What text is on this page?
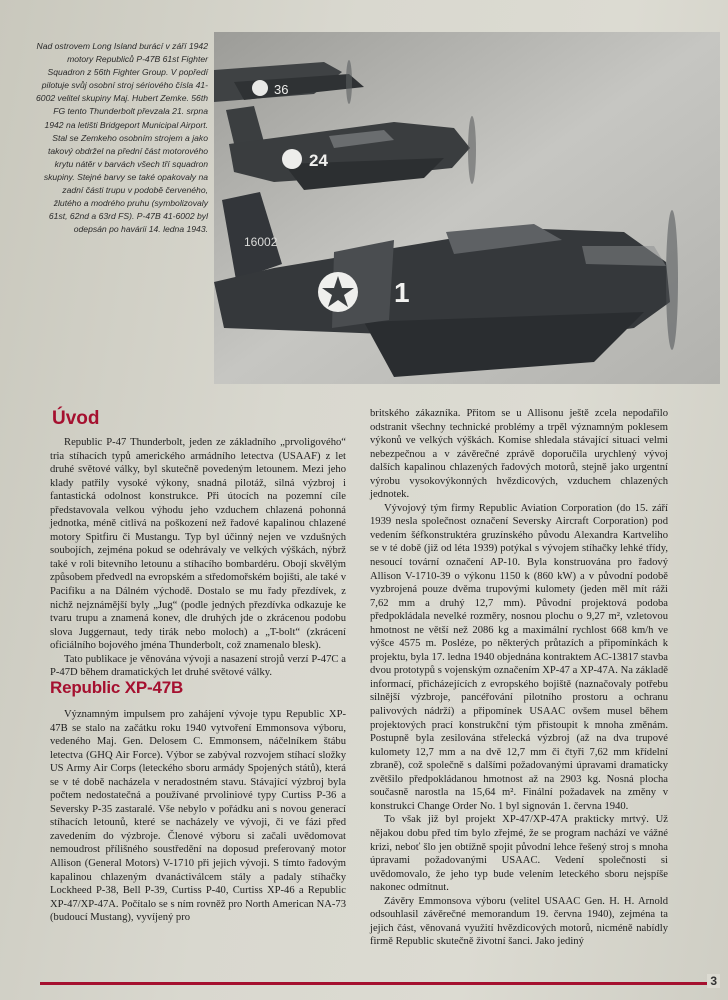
Nad ostrovem Long Island burácí v září 1942 motory Republiců P-47B 61st Fighter Squadron z 56th Fighter Group. V popředí pilotuje svůj osobní stroj sériového čísla 41-6002 velitel skupiny Maj. Hubert Zemke. 56th FG tento Thunderbolt převzala 21. srpna 1942 na letišti Bridgeport Municipal Airport. Stal se Zemkeho osobním strojem a jako takový obdržel na přední část motorového krytu nátěr v barvách všech tří squadron skupiny. Stejné barvy se také opakovaly na zadní části trupu v podobě červeného, žlutého a modrého pruhu (symbolizovaly 61st, 62nd a 63rd FS). P-47B 41-6002 byl odepsán po havárii 14. ledna 1943.
36
24
1
16002
Úvod

Republic P-47 Thunderbolt, jeden ze základního „prvoligového“ tria stíhacích typů amerického armádního letectva (USAAF) z let druhé světové války, byl skutečně povedeným letounem. Mezi jeho klady patřily vysoké výkony, snadná pilotáž, silná výzbroj i fantastická odolnost konstrukce. Při útocích na pozemní cíle představovala velkou výhodu jeho vzduchem chlazená pohonná jednotka, méně citlivá na poškození než řadové kapalinou chlazené motory Spitfiru či Mustangu. Typ byl účinný nejen ve vzdušných soubojích, zejména pokud se odehrávaly ve velkých výškách, nýbrž také v roli bitevního letounu a stíhacího bombardéru. Obojí skvělým způsobem předvedl na evropském a středomořském bojišti, ale také v Pacifiku a na Dálném východě. Dostalo se mu řady přezdívek, z nichž nejznámější byly „Jug“ (podle jedných přezdívka odkazuje ke tvaru trupu a znamená konev, dle druhých jde o zkrácenou podobu slova Juggernaut, tedy tirák nebo moloch) a „T-bolt“ (zkrácení oficiálního bojového jména Thunderbolt, což znamenalo blesk).

Tato publikace je věnována vývoji a nasazení strojů verzí P-47C a P-47D během dramatických let druhé světové války.

Republic XP-47B

Významným impulsem pro zahájení vývoje typu Republic XP-47B se stalo na začátku roku 1940 vytvoření Emmonsova výboru, vedeného Maj. Gen. Delosem C. Emmonsem, náčelníkem štábu letectva (GHQ Air Force). Výbor se zabýval rozvojem stíhací složky US Army Air Corps (leteckého sboru armády Spojených států), která se v té době nacházela v neradostném stavu. Stávající výzbroj byla počtem nedostatečná a používané prvoliniové typy Curtiss P-36 a Seversky P-35 zastaralé. Vše nebylo v pořádku ani s novou generací stíhacích letounů, které se nacházely ve vývoji, či ve fázi před zavedením do výzbroje. Členové výboru si začali uvědomovat nemoudrost přílišného soustředění na doposud preferovaný motor Allison (General Motors) V-1710 při jejich vývoji. S tímto řadovým kapalinou chlazeným dvanáctiválcem stály a padaly stíhačky Lockheed P-38, Bell P-39, Curtiss P-40, Curtiss XP-46 a Republic XP-47/XP-47A. Počítalo se s ním rovněž pro North American NA-73 (budoucí Mustang), vyvíjený pro

britského zákazníka. Přitom se u Allisonu ještě zcela nepodařilo odstranit všechny technické problémy a trpěl významným poklesem výkonů ve velkých výškách. Komise shledala stávající situaci velmi nebezpečnou a v závěrečné zprávě doporučila urychlený vývoj dalších kapalinou chlazených řadových motorů, stejně jako urgentní výrobu vysokovýkonných hvězdicových, vzduchem chlazených jednotek.

Vývojový tým firmy Republic Aviation Corporation (do 15. září 1939 nesla společnost označení Seversky Aircraft Corporation) pod vedením šéfkonstruktéra gruzínského původu Alexandra Kartveliho se v té době (již od léta 1939) potýkal s vývojem stíhačky lehké třídy, nesoucí tovární označení AP-10. Byla konstruována pro řadový Allison V-1710-39 o výkonu 1150 k (860 kW) a v původní podobě vyzbrojená pouze dvěma trupovými kulomety (jeden měl mít ráži 7,62 mm a druhý 12,7 mm). Původní projektová podoba předpokládala nevelké rozměry, nosnou plochu o 9,27 m², vzletovou hmotnost ne větší než 2086 kg a maximální rychlost 668 km/h ve výšce 4575 m. Posléze, po některých průtazích a připomínkách k projektu, byla 17. ledna 1940 objednána kontraktem AC-13817 stavba dvou prototypů s vojenským označením XP-47 a XP-47A. Na základě informací, přicházejících z evropského bojiště (naznačovaly potřebu silnější výzbroje, pancéřování pilotního prostoru a ochranu palivových nádrží) a připomínek USAAC ovšem musel během projektových prací konstrukční tým přistoupit k mnoha změnám. Postupně byla zesilována střelecká výzbroj (až na dva trupové kulomety 12,7 mm a na dvě 12,7 mm či čtyři 7,62 mm křídelní zbraně), což společně s dalšími požadovanými úpravami dramaticky zvětšilo předpokládanou hmotnost až na 2903 kg. Nosná plocha současně narostla na 15,64 m². Finální požadavek na změny v konstrukci Change Order No. 1 byl signován 1. června 1940.

To však již byl projekt XP-47/XP-47A prakticky mrtvý. Už nějakou dobu před tím bylo zřejmé, že se program nachází ve vážné krizi, neboť šlo jen obtížně spojit původní lehce řešený stroj s mnoha úpravami požadovanými USAAC. Vedení společnosti si uvědomovalo, že jeho typ bude velením leteckého sboru nejspíše nakonec odmítnut.

Závěry Emmonsova výboru (velitel USAAC Gen. H. H. Arnold odsouhlasil závěrečné memorandum 19. června 1940), zejména ta jejich část, věnovaná využití hvězdicových motorů, nicméně nabídly firmě Republic skutečně životní šanci. Jako jediný

3
